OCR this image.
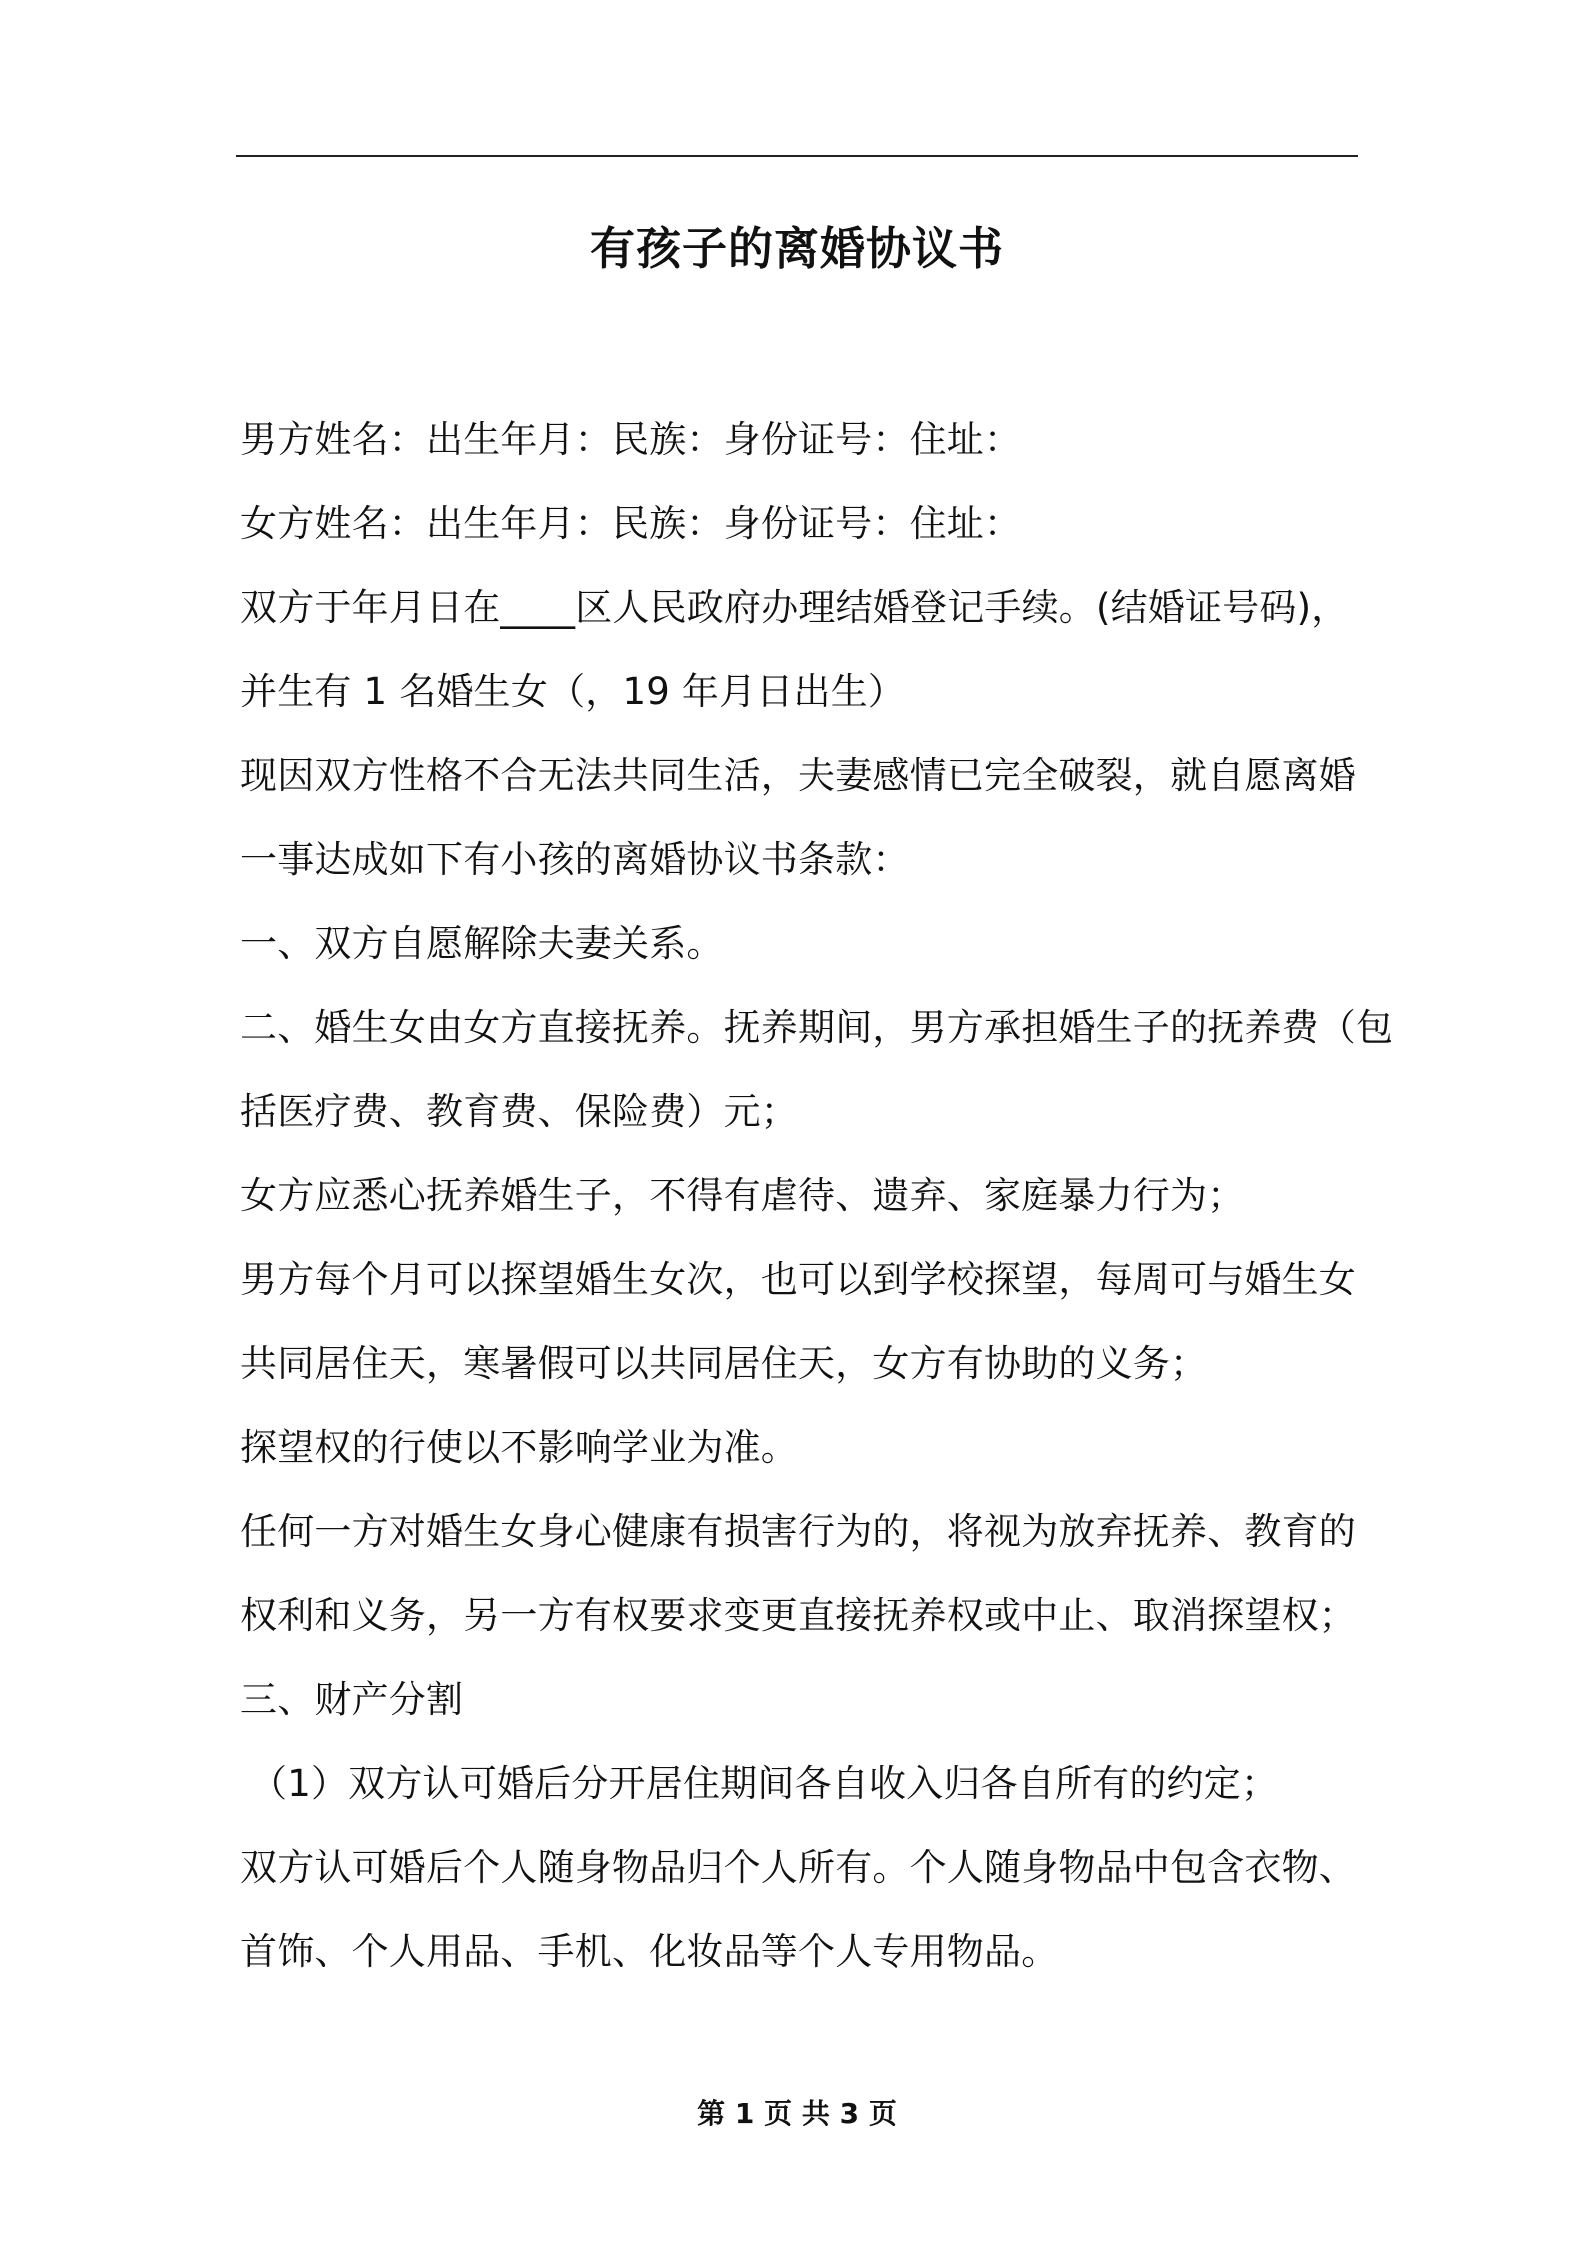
有孩子的离婚协议书
男方姓名：出生年月：民族：身份证号：住址：
女方姓名：出生年月：民族：身份证号：住址：
双方于年月日在____区人民政府办理结婚登记手续。(结婚证号码)，
并生有 1 名婚生女（，19 年月日出生）
现因双方性格不合无法共同生活，夫妻感情已完全破裂，就自愿离婚
一事达成如下有小孩的离婚协议书条款：
一、双方自愿解除夫妻关系。
二、婚生女由女方直接抚养。抚养期间，男方承担婚生子的抚养费（包
括医疗费、教育费、保险费）元；
女方应悉心抚养婚生子，不得有虐待、遗弃、家庭暴力行为；
男方每个月可以探望婚生女次，也可以到学校探望，每周可与婚生女
共同居住天，寒暑假可以共同居住天，女方有协助的义务；
探望权的行使以不影响学业为准。
任何一方对婚生女身心健康有损害行为的，将视为放弃抚养、教育的
权利和义务，另一方有权要求变更直接抚养权或中止、取消探望权；
三、财产分割
（1）双方认可婚后分开居住期间各自收入归各自所有的约定；
双方认可婚后个人随身物品归个人所有。个人随身物品中包含衣物、
首饰、个人用品、手机、化妆品等个人专用物品。
第 1 页 共 3 页
